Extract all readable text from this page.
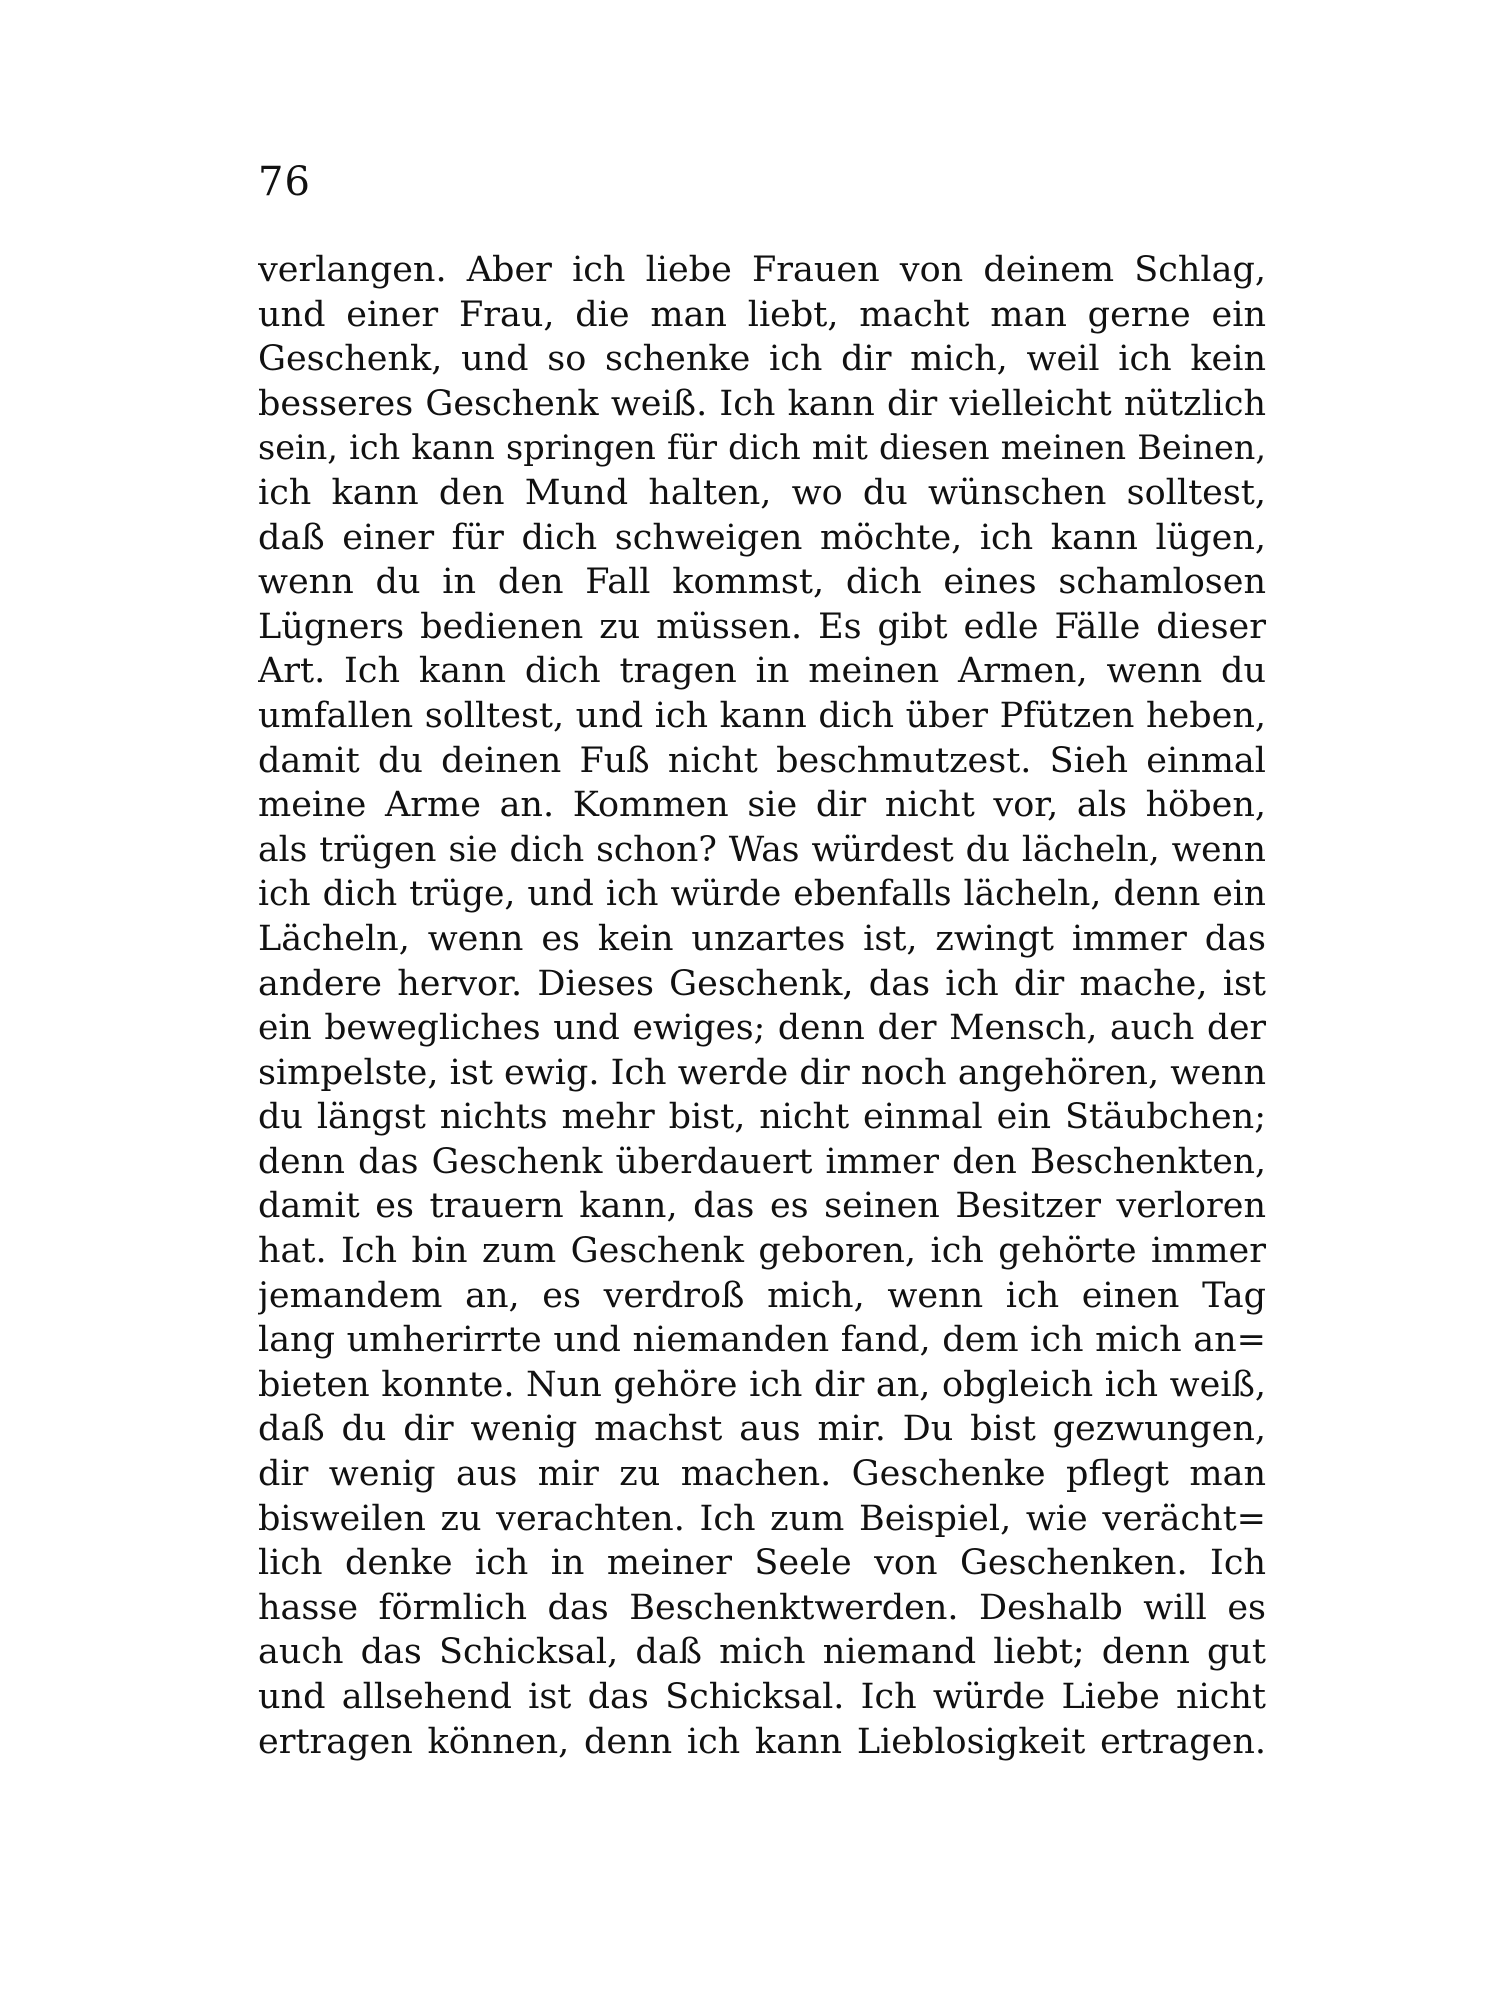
76

verlangen. Aber ich liebe Frauen von deinem Schlag,
und einer Frau, die man liebt, macht man gerne ein
Geschenk, und so schenke ich dir mich, weil ich kein
besseres Geschenk weiß. Ich kann dir vielleicht nützlich
sein, ich kann springen für dich mit diesen meinen Beinen,
ich kann den Mund halten, wo du wünschen solltest,
daß einer für dich schweigen möchte, ich kann lügen,
wenn du in den Fall kommst, dich eines schamlosen
Lügners bedienen zu müssen. Es gibt edle Fälle dieser
Art. Ich kann dich tragen in meinen Armen, wenn du
umfallen solltest, und ich kann dich über Pfützen heben,
damit du deinen Fuß nicht beschmutzest. Sieh einmal
meine Arme an. Kommen sie dir nicht vor, als höben,
als trügen sie dich schon? Was würdest du lächeln, wenn
ich dich trüge, und ich würde ebenfalls lächeln, denn ein
Lächeln, wenn es kein unzartes ist, zwingt immer das
andere hervor. Dieses Geschenk, das ich dir mache, ist
ein bewegliches und ewiges; denn der Mensch, auch der
simpelste, ist ewig. Ich werde dir noch angehören, wenn
du längst nichts mehr bist, nicht einmal ein Stäubchen;
denn das Geschenk überdauert immer den Beschenkten,
damit es trauern kann, das es seinen Besitzer verloren
hat. Ich bin zum Geschenk geboren, ich gehörte immer
jemandem an, es verdroß mich, wenn ich einen Tag
lang umherirrte und niemanden fand, dem ich mich an=
bieten konnte. Nun gehöre ich dir an, obgleich ich weiß,
daß du dir wenig machst aus mir. Du bist gezwungen,
dir wenig aus mir zu machen. Geschenke pflegt man
bisweilen zu verachten. Ich zum Beispiel, wie verächt=
lich denke ich in meiner Seele von Geschenken. Ich
hasse förmlich das Beschenktwerden. Deshalb will es
auch das Schicksal, daß mich niemand liebt; denn gut
und allsehend ist das Schicksal. Ich würde Liebe nicht
ertragen können, denn ich kann Lieblosigkeit ertragen.
